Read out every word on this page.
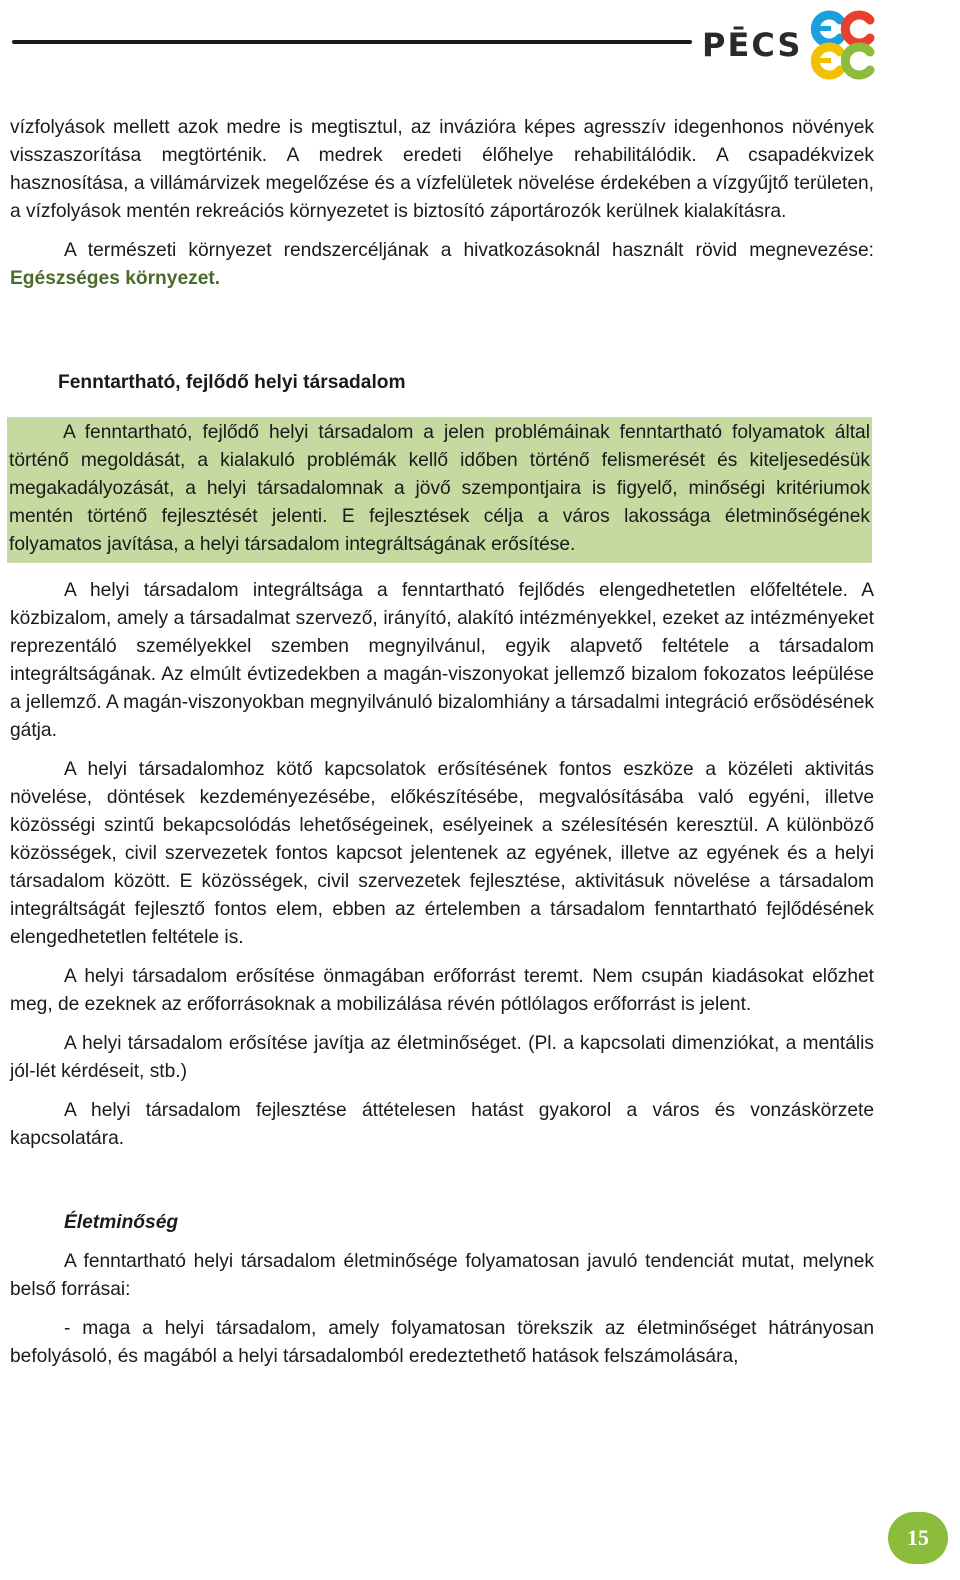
PĒCS

vízfolyások mellett azok medre is megtisztul, az invázióra képes agresszív idegenhonos növények visszaszorítása megtörténik. A medrek eredeti élőhelye rehabilitálódik. A csapadékvizek hasznosítása, a villámárvizek megelőzése és a vízfelületek növelése érdekében a vízgyűjtő területen, a vízfolyások mentén rekreációs környezetet is biztosító záportározók kerülnek kialakításra.

A természeti környezet rendszercéljának a hivatkozásoknál használt rövid megnevezése: Egészséges környezet.

Fenntartható, fejlődő helyi társadalom

A fenntartható, fejlődő helyi társadalom a jelen problémáinak fenntartható folyamatok által történő megoldását, a kialakuló problémák kellő időben történő felismerését és kiteljesedésük megakadályozását, a helyi társadalomnak a jövő szempontjaira is figyelő, minőségi kritériumok mentén történő fejlesztését jelenti. E fejlesztések célja a város lakossága életminőségének folyamatos javítása, a helyi társadalom integráltságának erősítése.

A helyi társadalom integráltsága a fenntartható fejlődés elengedhetetlen előfeltétele. A közbizalom, amely a társadalmat szervező, irányító, alakító intézményekkel, ezeket az intézményeket reprezentáló személyekkel szemben megnyilvánul, egyik alapvető feltétele a társadalom integráltságának. Az elmúlt évtizedekben a magán-viszonyokat jellemző bizalom fokozatos leépülése a jellemző. A magán-viszonyokban megnyilvánuló bizalomhiány a társadalmi integráció erősödésének gátja.

A helyi társadalomhoz kötő kapcsolatok erősítésének fontos eszköze a közéleti aktivitás növelése, döntések kezdeményezésébe, előkészítésébe, megvalósításába való egyéni, illetve közösségi szintű bekapcsolódás lehetőségeinek, esélyeinek a szélesítésén keresztül. A különböző közösségek, civil szervezetek fontos kapcsot jelentenek az egyének, illetve az egyének és a helyi társadalom között. E közösségek, civil szervezetek fejlesztése, aktivitásuk növelése a társadalom integráltságát fejlesztő fontos elem, ebben az értelemben a társadalom fenntartható fejlődésének elengedhetetlen feltétele is.

A helyi társadalom erősítése önmagában erőforrást teremt. Nem csupán kiadásokat előzhet meg, de ezeknek az erőforrásoknak a mobilizálása révén pótlólagos erőforrást is jelent.

A helyi társadalom erősítése javítja az életminőséget. (Pl. a kapcsolati dimenziókat, a mentális jól-lét kérdéseit, stb.)

A helyi társadalom fejlesztése áttételesen hatást gyakorol a város és vonzáskörzete kapcsolatára.

Életminőség

A fenntartható helyi társadalom életminősége folyamatosan javuló tendenciát mutat, melynek belső forrásai:

- maga a helyi társadalom, amely folyamatosan törekszik az életminőséget hátrányosan befolyásoló, és magából a helyi társadalomból eredeztethető hatások felszámolására,

15
